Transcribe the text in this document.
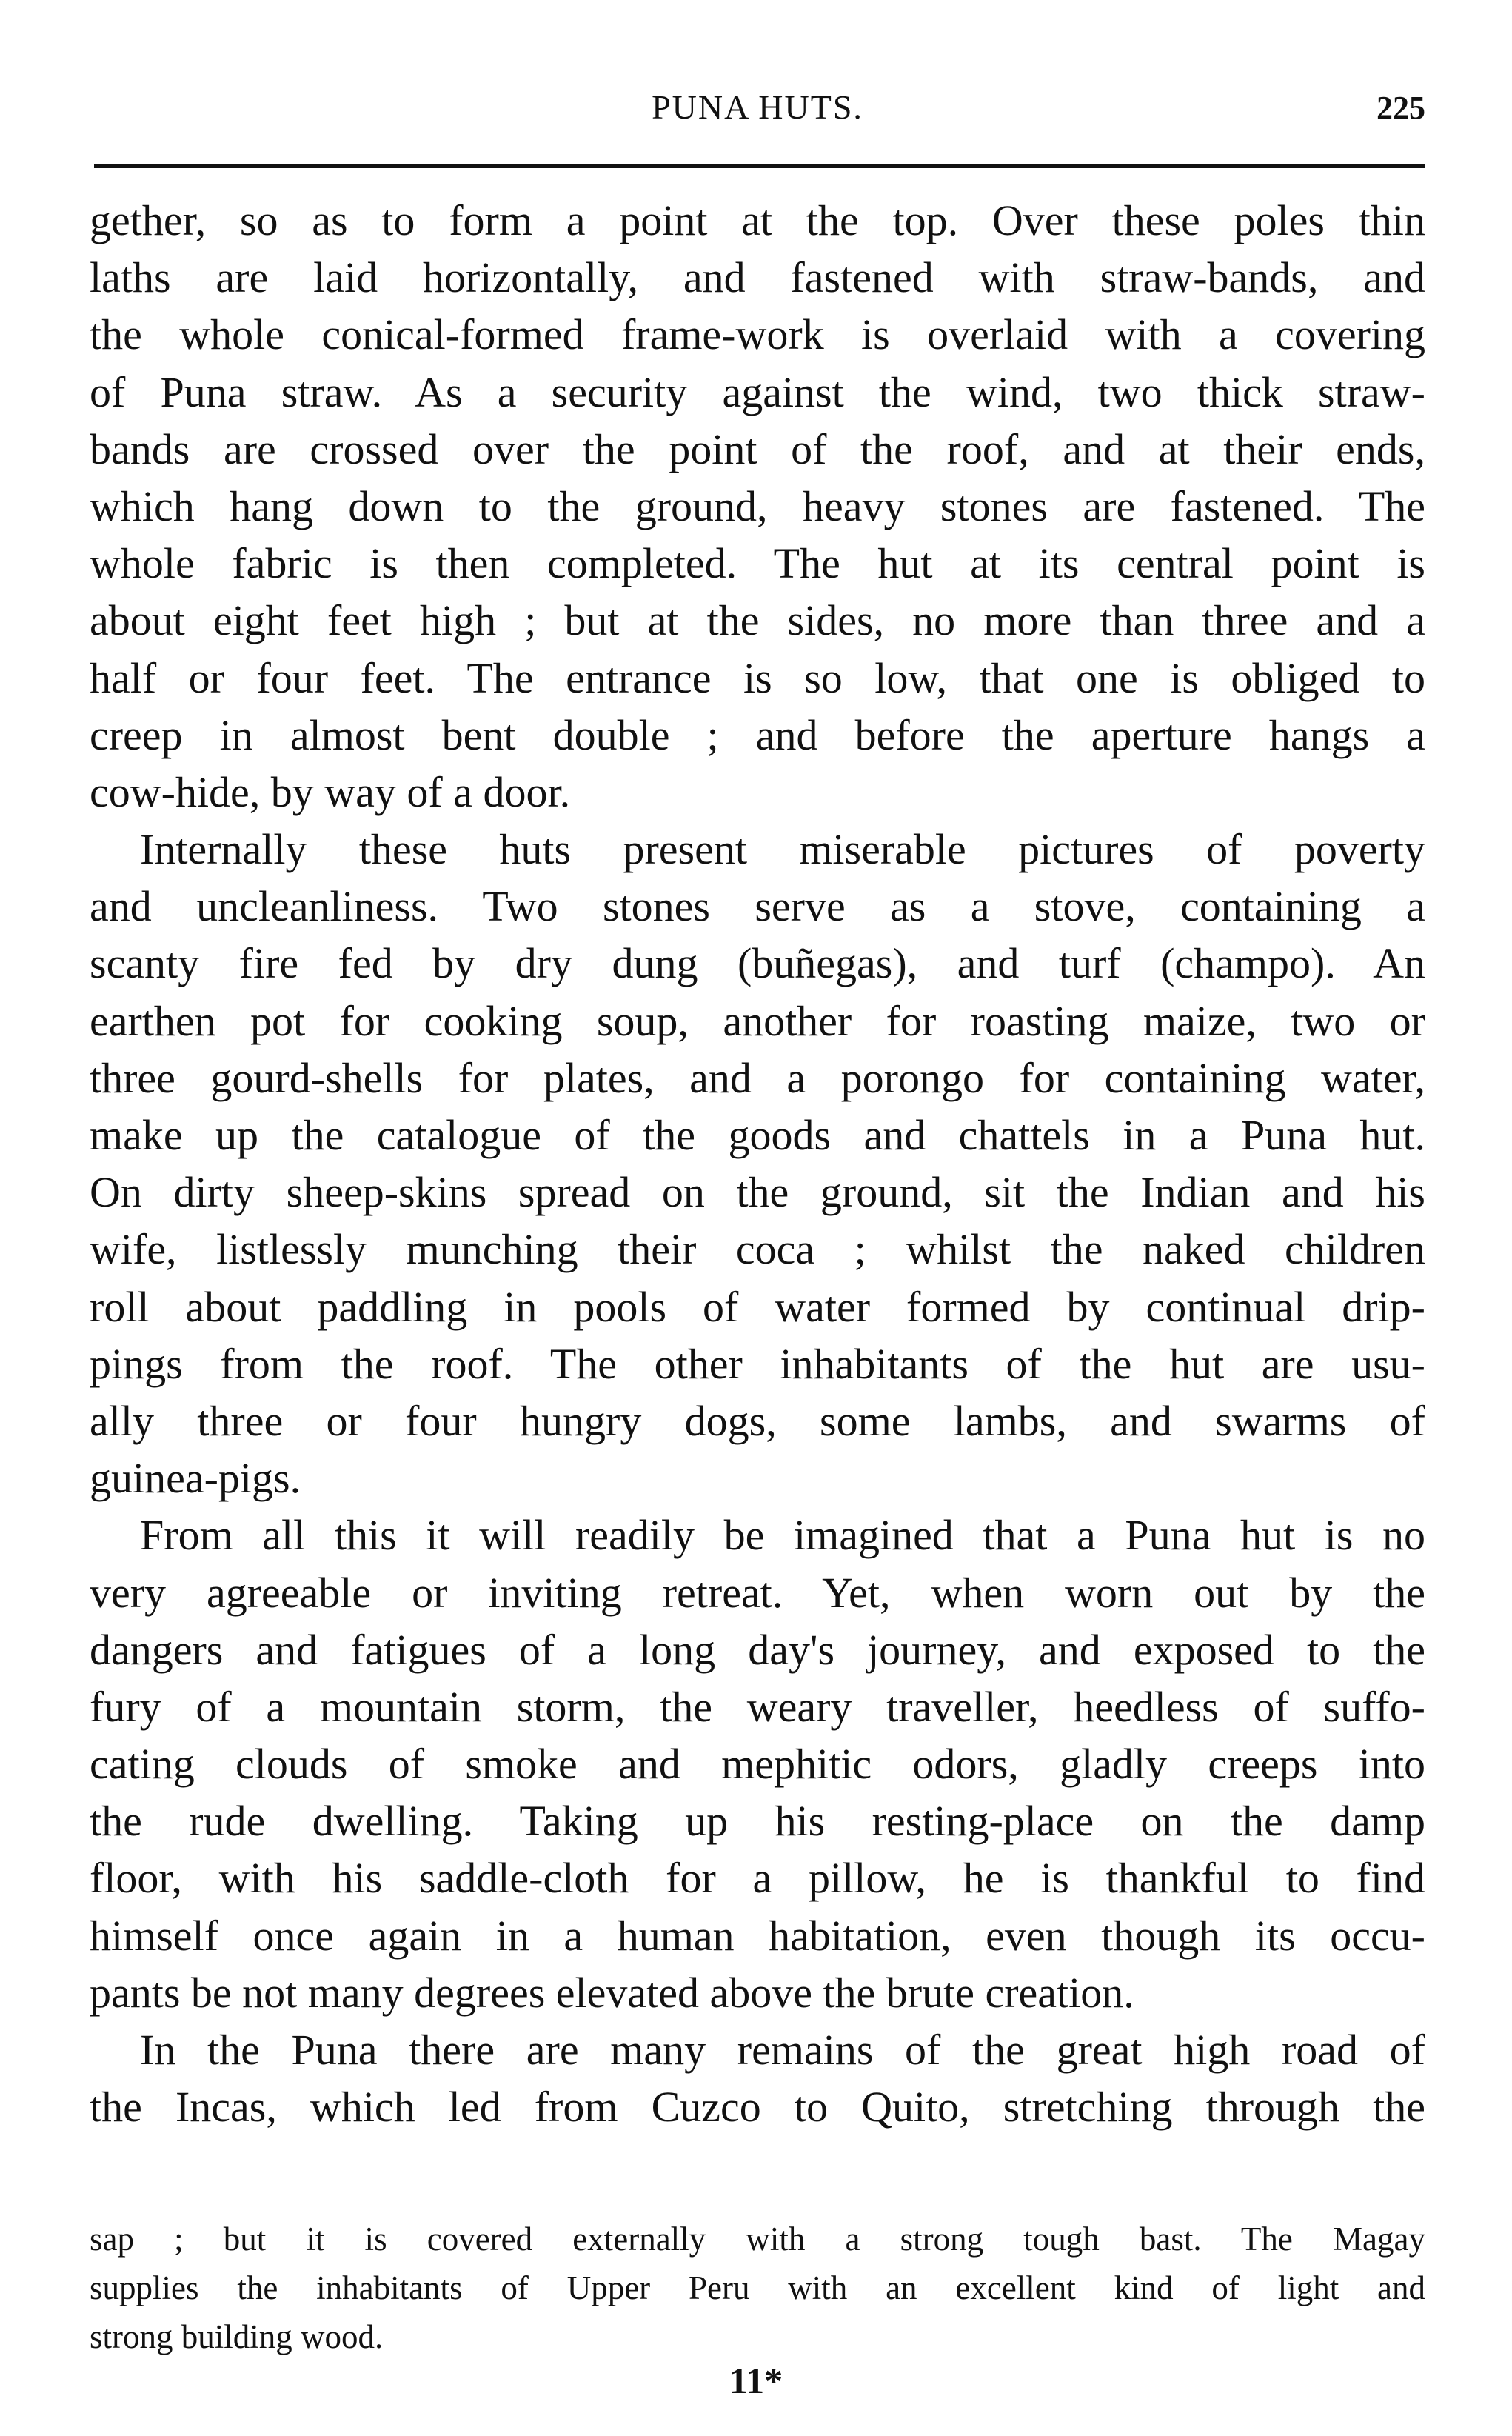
PUNA HUTS.	225
gether, so as to form a point at the top. Over these poles thin
laths are laid horizontally, and fastened with straw-bands, and
the whole conical-formed frame-work is overlaid with a covering
of Puna straw. As a security against the wind, two thick straw-
bands are crossed over the point of the roof, and at their ends,
which hang down to the ground, heavy stones are fastened. The
whole fabric is then completed. The hut at its central point is
about eight feet high ; but at the sides, no more than three and a
half or four feet. The entrance is so low, that one is obliged to
creep in almost bent double ; and before the aperture hangs a
cow-hide, by way of a door.
Internally these huts present miserable pictures of poverty
and uncleanliness. Two stones serve as a stove, containing a
scanty fire fed by dry dung (buñegas), and turf (champo). An
earthen pot for cooking soup, another for roasting maize, two or
three gourd-shells for plates, and a porongo for containing water,
make up the catalogue of the goods and chattels in a Puna hut.
On dirty sheep-skins spread on the ground, sit the Indian and his
wife, listlessly munching their coca ; whilst the naked children
roll about paddling in pools of water formed by continual drip-
pings from the roof. The other inhabitants of the hut are usu-
ally three or four hungry dogs, some lambs, and swarms of
guinea-pigs.
From all this it will readily be imagined that a Puna hut is no
very agreeable or inviting retreat. Yet, when worn out by the
dangers and fatigues of a long day's journey, and exposed to the
fury of a mountain storm, the weary traveller, heedless of suffo-
cating clouds of smoke and mephitic odors, gladly creeps into
the rude dwelling. Taking up his resting-place on the damp
floor, with his saddle-cloth for a pillow, he is thankful to find
himself once again in a human habitation, even though its occu-
pants be not many degrees elevated above the brute creation.
In the Puna there are many remains of the great high road of
the Incas, which led from Cuzco to Quito, stretching through the
sap ; but it is covered externally with a strong tough bast. The Magay
supplies the inhabitants of Upper Peru with an excellent kind of light and
strong building wood.
11*
